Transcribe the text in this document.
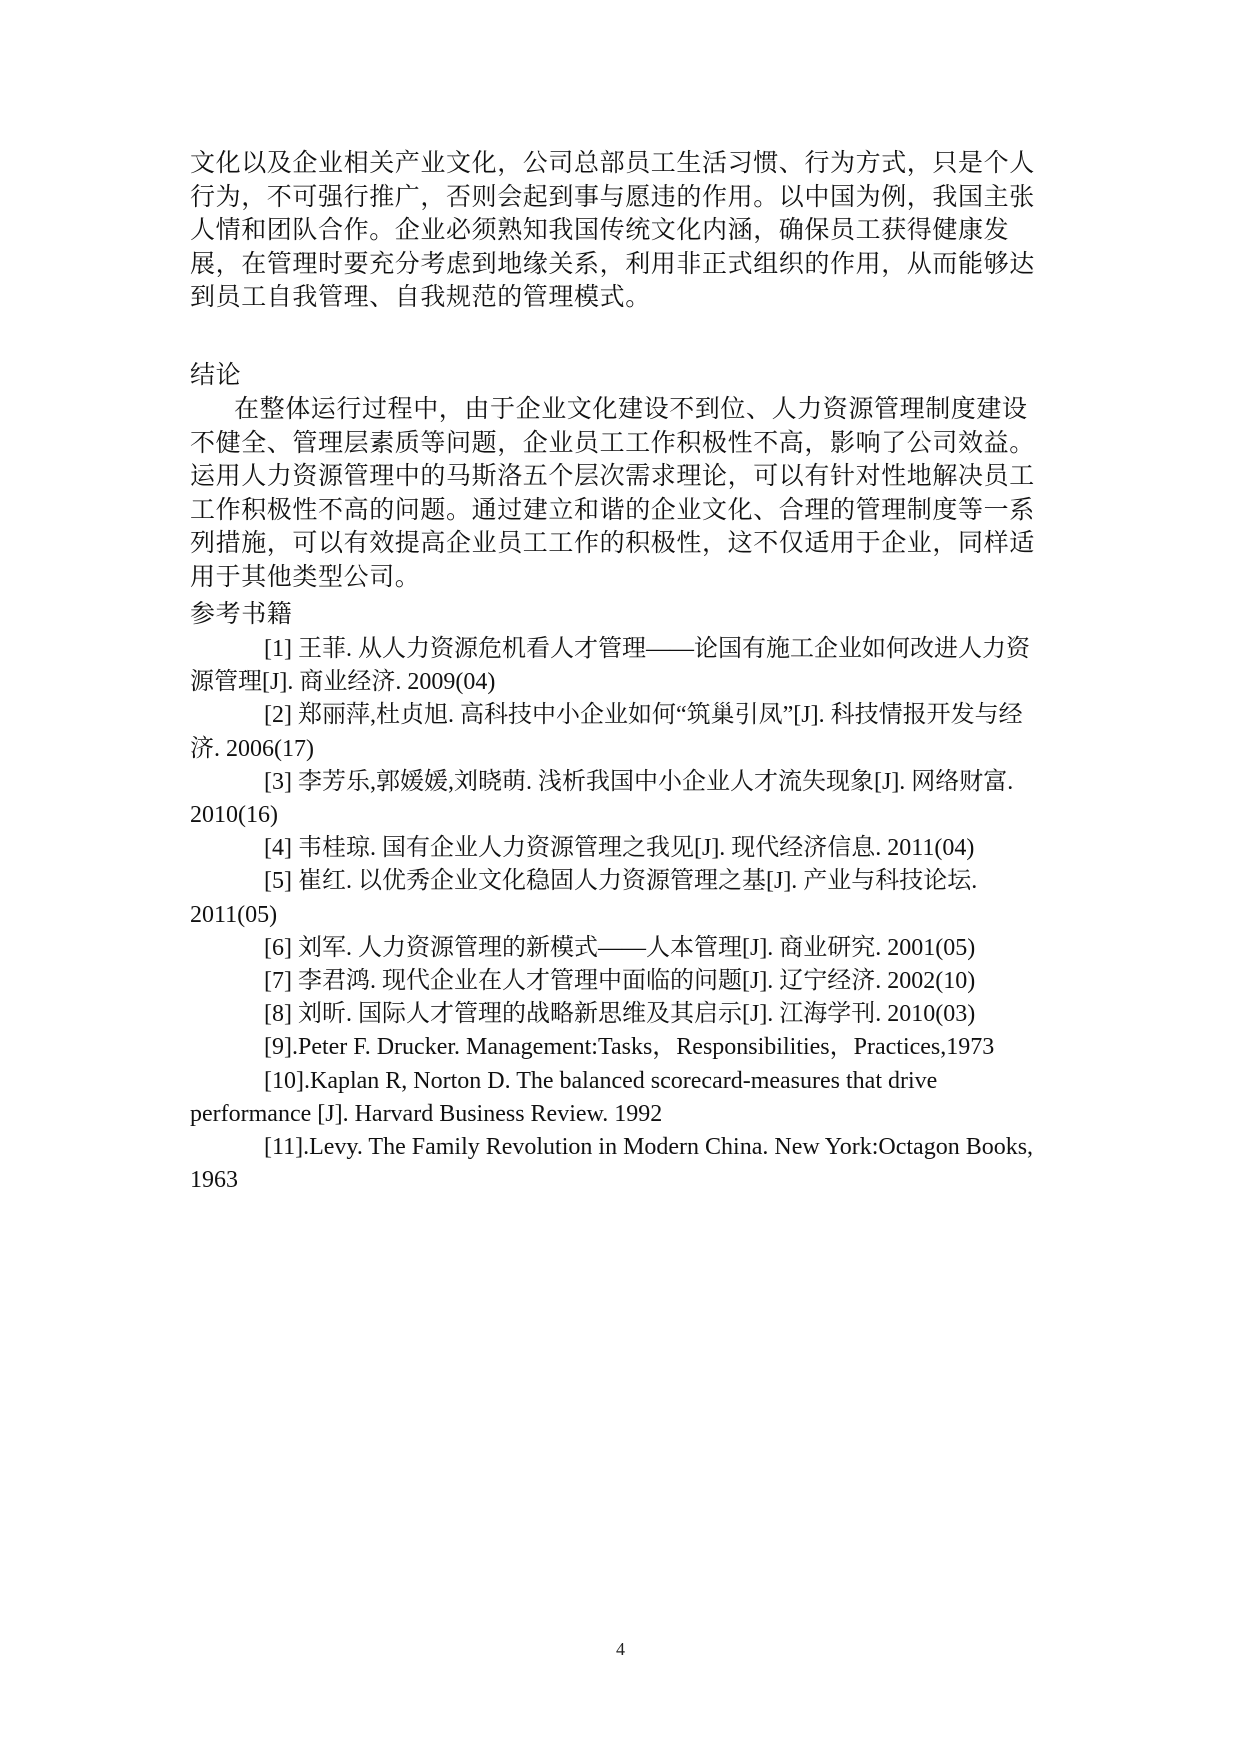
文化以及企业相关产业文化，公司总部员工生活习惯、行为方式，只是个人行为，不可强行推广，否则会起到事与愿违的作用。以中国为例，我国主张人情和团队合作。企业必须熟知我国传统文化内涵，确保员工获得健康发展，在管理时要充分考虑到地缘关系，利用非正式组织的作用，从而能够达到员工自我管理、自我规范的管理模式。

结论

在整体运行过程中，由于企业文化建设不到位、人力资源管理制度建设不健全、管理层素质等问题，企业员工工作积极性不高，影响了公司效益。运用人力资源管理中的马斯洛五个层次需求理论，可以有针对性地解决员工工作积极性不高的问题。通过建立和谐的企业文化、合理的管理制度等一系列措施，可以有效提高企业员工工作的积极性，这不仅适用于企业，同样适用于其他类型公司。

参考书籍

[1] 王菲. 从人力资源危机看人才管理——论国有施工企业如何改进人力资源管理[J]. 商业经济. 2009(04)
[2] 郑丽萍,杜贞旭. 高科技中小企业如何“筑巢引凤”[J]. 科技情报开发与经济. 2006(17)
[3] 李芳乐,郭媛媛,刘晓萌. 浅析我国中小企业人才流失现象[J]. 网络财富. 2010(16)
[4] 韦桂琼. 国有企业人力资源管理之我见[J]. 现代经济信息. 2011(04)
[5] 崔红. 以优秀企业文化稳固人力资源管理之基[J]. 产业与科技论坛. 2011(05)
[6] 刘军. 人力资源管理的新模式——人本管理[J]. 商业研究. 2001(05)
[7] 李君鸿. 现代企业在人才管理中面临的问题[J]. 辽宁经济. 2002(10)
[8] 刘昕. 国际人才管理的战略新思维及其启示[J]. 江海学刊. 2010(03)
[9].Peter F. Drucker. Management:Tasks，Responsibilities，Practices,1973
[10].Kaplan R, Norton D. The balanced scorecard-measures that drive performance [J]. Harvard Business Review. 1992
[11].Levy. The Family Revolution in Modern China. New York:Octagon Books, 1963
4
